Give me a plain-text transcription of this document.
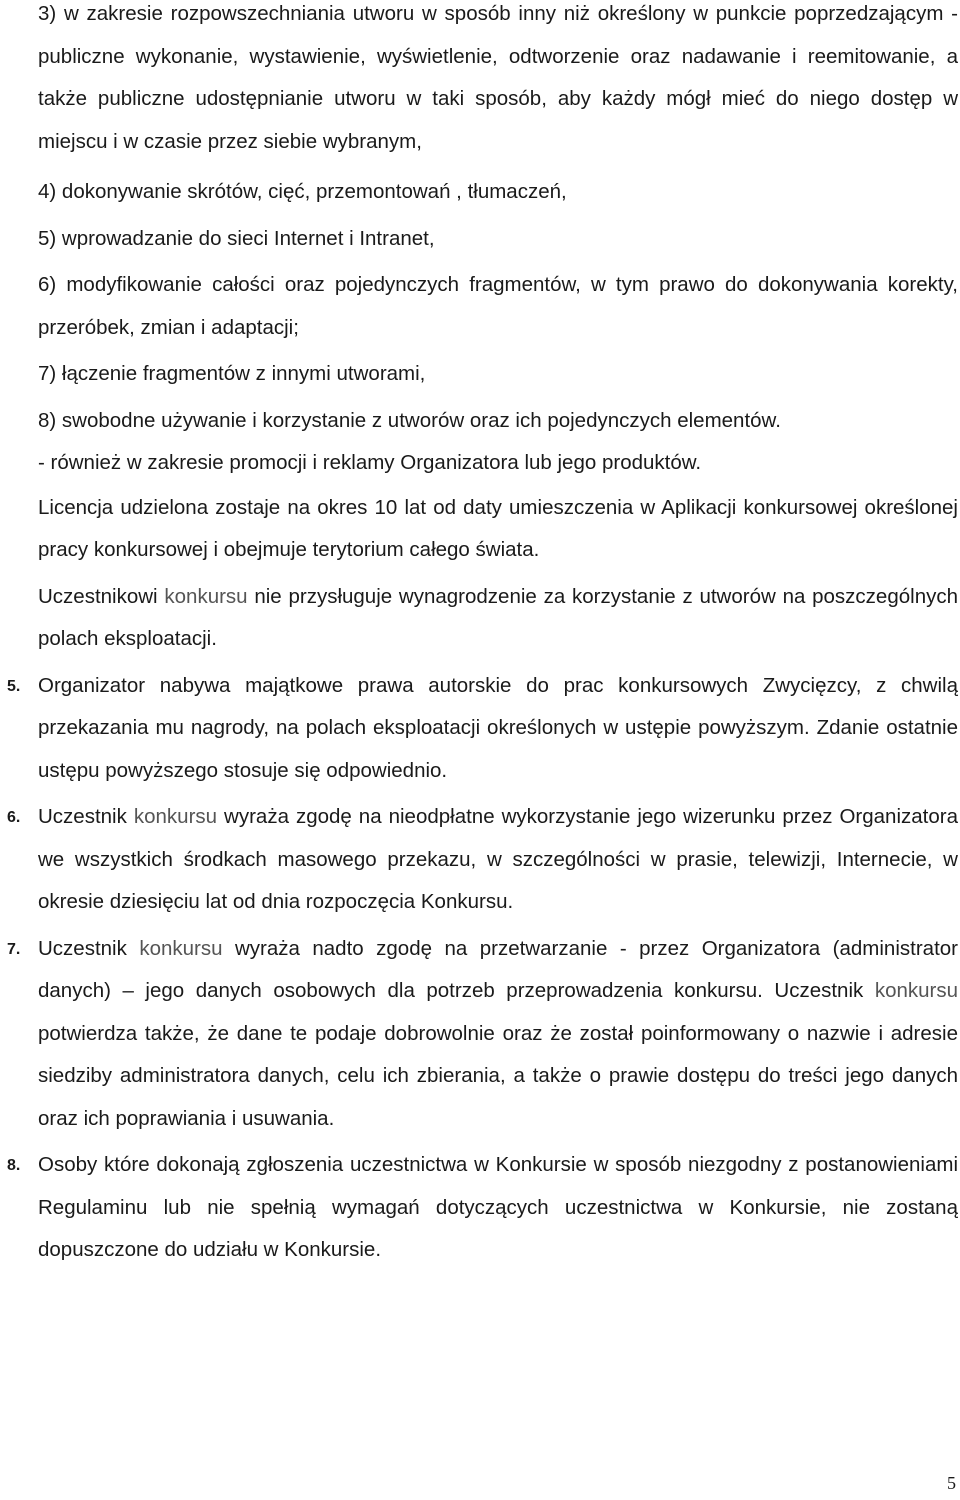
3) w zakresie rozpowszechniania utworu w sposób inny niż określony w punkcie poprzedzającym - publiczne wykonanie, wystawienie, wyświetlenie, odtworzenie oraz nadawanie i reemitowanie, a także publiczne udostępnianie utworu w taki sposób, aby każdy mógł mieć do niego dostęp w miejscu i w czasie przez siebie wybranym,

4) dokonywanie skrótów, cięć, przemontowań , tłumaczeń,

5) wprowadzanie do sieci Internet i Intranet,

6) modyfikowanie całości oraz pojedynczych fragmentów, w tym prawo do dokonywania korekty, przeróbek, zmian i adaptacji;

7) łączenie fragmentów z innymi utworami,

8) swobodne używanie i korzystanie z utworów oraz ich pojedynczych elementów.

- również w zakresie promocji i reklamy Organizatora lub jego produktów.

Licencja udzielona zostaje na okres 10 lat od daty umieszczenia w Aplikacji konkursowej określonej pracy konkursowej i obejmuje terytorium całego świata.

Uczestnikowi konkursu nie przysługuje wynagrodzenie za korzystanie z utworów na poszczególnych polach eksploatacji.

5. Organizator nabywa majątkowe prawa autorskie do prac konkursowych Zwycięzcy, z chwilą przekazania mu nagrody, na polach eksploatacji określonych w ustępie powyższym. Zdanie ostatnie ustępu powyższego stosuje się odpowiednio.

6. Uczestnik konkursu wyraża zgodę na nieodpłatne wykorzystanie jego wizerunku przez Organizatora we wszystkich środkach masowego przekazu, w szczególności w prasie, telewizji, Internecie, w okresie dziesięciu lat od dnia rozpoczęcia Konkursu.

7. Uczestnik konkursu wyraża nadto zgodę na przetwarzanie - przez Organizatora (administrator danych) – jego danych osobowych dla potrzeb przeprowadzenia konkursu. Uczestnik konkursu potwierdza także, że dane te podaje dobrowolnie oraz że został poinformowany o nazwie i adresie siedziby administratora danych, celu ich zbierania, a także o prawie dostępu do treści jego danych oraz ich poprawiania i usuwania.

8. Osoby które dokonają zgłoszenia uczestnictwa w Konkursie w sposób niezgodny z postanowieniami Regulaminu lub nie spełnią wymagań dotyczących uczestnictwa w Konkursie, nie zostaną dopuszczone do udziału w Konkursie.

5
